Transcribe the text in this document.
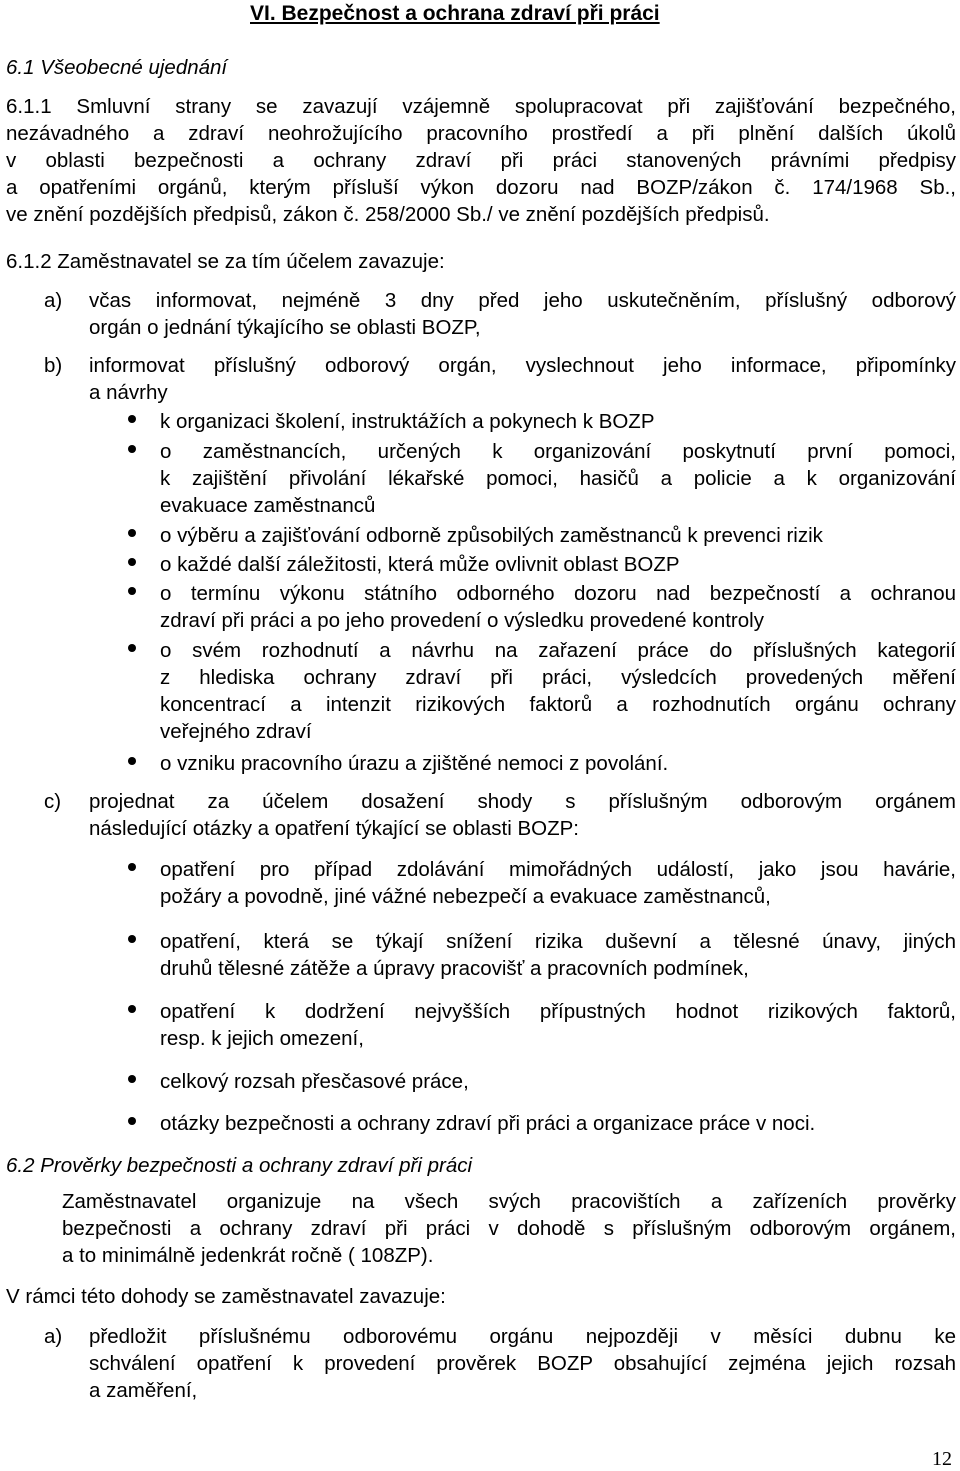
VI. Bezpečnost a ochrana zdraví při práci
6.1 Všeobecné ujednání
6.1.1 Smluvní strany se zavazují vzájemně spolupracovat při zajišťování bezpečného,
nezávadného a zdraví neohrožujícího pracovního prostředí a při plnění dalších úkolů
v oblasti bezpečnosti a ochrany zdraví při práci stanovených právními předpisy
a opatřeními orgánů, kterým přísluší výkon dozoru nad BOZP/zákon č. 174/1968 Sb.,
ve znění pozdějších předpisů, zákon č. 258/2000 Sb./ ve znění pozdějších předpisů.
6.1.2 Zaměstnavatel se za tím účelem zavazuje:
a) včas informovat, nejméně 3 dny před jeho uskutečněním, příslušný odborový
orgán o jednání týkajícího se oblasti BOZP,
b) informovat příslušný odborový orgán, vyslechnout jeho informace, připomínky
a návrhy
k organizaci školení, instruktážích a pokynech k BOZP
o zaměstnancích, určených k organizování poskytnutí první pomoci,
k zajištění přivolání lékařské pomoci, hasičů a policie a k organizování
evakuace zaměstnanců
o výběru a zajišťování odborně způsobilých zaměstnanců k prevenci rizik
o každé další záležitosti, která může ovlivnit oblast BOZP
o termínu výkonu státního odborného dozoru nad bezpečností a ochranou
zdraví při práci a po jeho provedení o výsledku provedené kontroly
o svém rozhodnutí a návrhu na zařazení práce do příslušných kategorií
z hlediska ochrany zdraví při práci, výsledcích provedených měření
koncentrací a intenzit rizikových faktorů a rozhodnutích orgánu ochrany
veřejného zdraví
o vzniku pracovního úrazu a zjištěné nemoci z povolání.
c) projednat za účelem dosažení shody s příslušným odborovým orgánem
následující otázky a opatření týkající se oblasti BOZP:
opatření pro případ zdolávání mimořádných událostí, jako jsou havárie,
požáry a povodně, jiné vážné nebezpečí a evakuace zaměstnanců,
opatření, která se týkají snížení rizika duševní a tělesné únavy, jiných
druhů tělesné zátěže a úpravy pracovišť a pracovních podmínek,
opatření k dodržení nejvyšších přípustných hodnot rizikových faktorů,
resp. k jejich omezení,
celkový rozsah přesčasové práce,
otázky bezpečnosti a ochrany zdraví při práci a organizace práce v noci.
6.2 Prověrky bezpečnosti a ochrany zdraví při práci
Zaměstnavatel organizuje na všech svých pracovištích a zařízeních prověrky
bezpečnosti a ochrany zdraví při práci v dohodě s příslušným odborovým orgánem,
a to minimálně jedenkrát ročně ( 108ZP).
V rámci této dohody se zaměstnavatel zavazuje:
a) předložit příslušnému odborovému orgánu nejpozději v měsíci dubnu ke
schválení opatření k provedení prověrek BOZP obsahující zejména jejich rozsah
a zaměření,
12
